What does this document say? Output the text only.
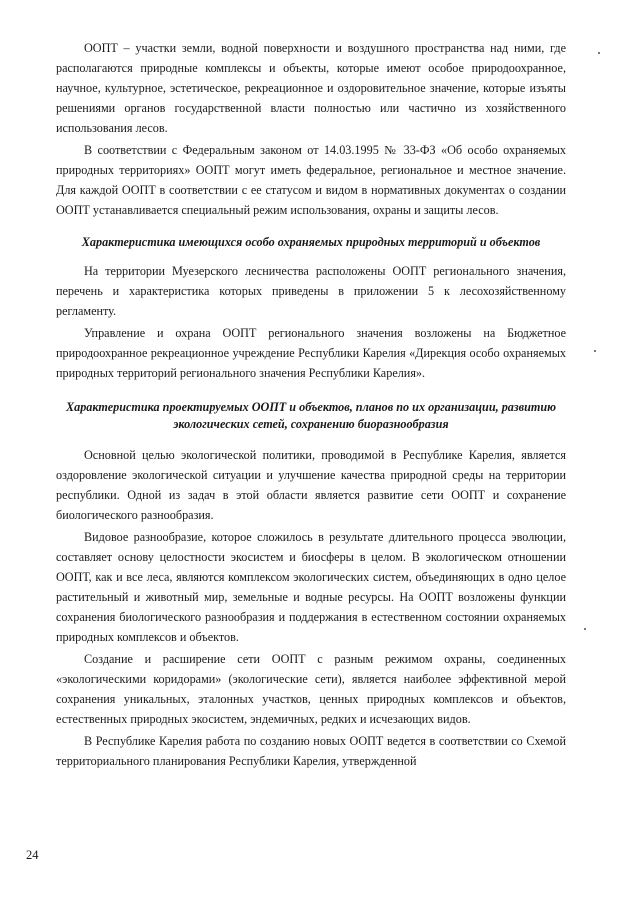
ООПТ – участки земли, водной поверхности и воздушного пространства над ними, где располагаются природные комплексы и объекты, которые имеют особое природоохранное, научное, культурное, эстетическое, рекреационное и оздоровительное значение, которые изъяты решениями органов государственной власти полностью или частично из хозяйственного использования лесов.

В соответствии с Федеральным законом от 14.03.1995 № 33-ФЗ «Об особо охраняемых природных территориях» ООПТ могут иметь федеральное, региональное и местное значение. Для каждой ООПТ в соответствии с ее статусом и видом в нормативных документах о создании ООПТ устанавливается специальный режим использования, охраны и защиты лесов.

Характеристика имеющихся особо охраняемых природных территорий и объектов

На территории Муезерского лесничества расположены ООПТ регионального значения, перечень и характеристика которых приведены в приложении 5 к лесохозяйственному регламенту.

Управление и охрана ООПТ регионального значения возложены на Бюджетное природоохранное рекреационное учреждение Республики Карелия «Дирекция особо охраняемых природных территорий регионального значения Республики Карелия».

Характеристика проектируемых ООПТ и объектов, планов по их организации, развитию экологических сетей, сохранению биоразнообразия

Основной целью экологической политики, проводимой в Республике Карелия, является оздоровление экологической ситуации и улучшение качества природной среды на территории республики. Одной из задач в этой области является развитие сети ООПТ и сохранение биологического разнообразия.

Видовое разнообразие, которое сложилось в результате длительного процесса эволюции, составляет основу целостности экосистем и биосферы в целом. В экологическом отношении ООПТ, как и все леса, являются комплексом экологических систем, объединяющих в одно целое растительный и животный мир, земельные и водные ресурсы. На ООПТ возложены функции сохранения биологического разнообразия и поддержания в естественном состоянии охраняемых природных комплексов и объектов.

Создание и расширение сети ООПТ с разным режимом охраны, соединенных «экологическими коридорами» (экологические сети), является наиболее эффективной мерой сохранения уникальных, эталонных участков, ценных природных комплексов и объектов, естественных природных экосистем, эндемичных, редких и исчезающих видов.

В Республике Карелия работа по созданию новых ООПТ ведется в соответствии со Схемой территориального планирования Республики Карелия, утвержденной

24
